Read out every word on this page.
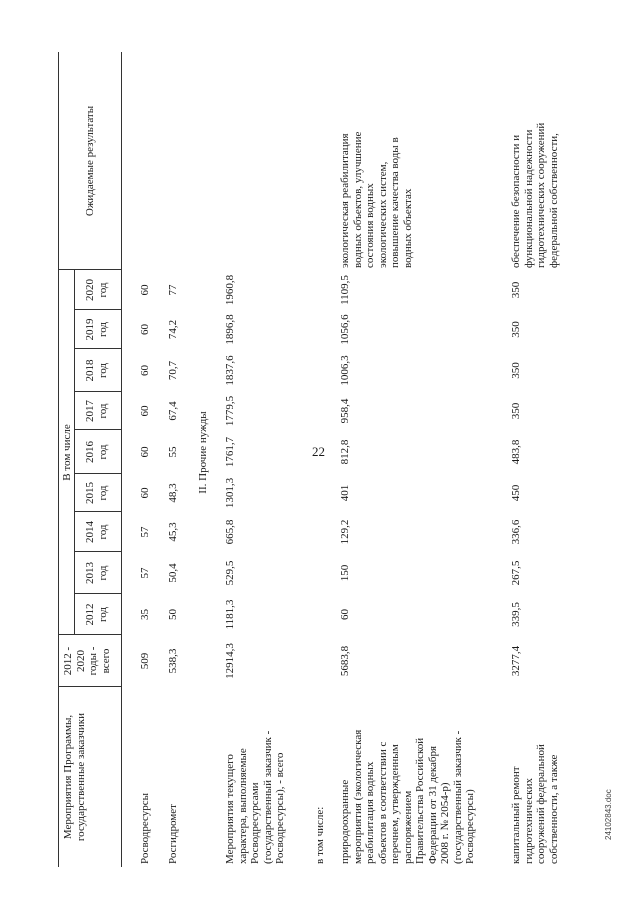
22
24102843.doc
Мероприятия Программы, государственные заказчики
2012 - 2020 годы - всего
В том числе
2012 год
2013 год
2014 год
2015 год
2016 год
2017 год
2018 год
2019 год
2020 год
Ожидаемые результаты
Росводресурсы
509
35
57
57
60
60
60
60
60
60
Росгидромет
538,3
50
50,4
45,3
48,3
55
67,4
70,7
74,2
77
II. Прочие нужды
Мероприятия текущего характера, выполняемые Росводресурсами (государственный заказчик - Росводресурсы), - всего
12914,3
1181,3
529,5
665,8
1301,3
1761,7
1779,5
1837,6
1896,8
1960,8
в том числе:
природоохранные мероприятия (экологическая реабилитация водных объектов в соответствии с перечнем, утвержденным распоряжением Правительства Российской Федерации от 31 декабря 2008 г. № 2054-р) (государственный заказчик - Росводресурсы)
5683,8
60
150
129,2
401
812,8
958,4
1006,3
1056,6
1109,5
экологическая реабилитация водных объектов, улучшение состояния водных экологических систем, повышение качества воды в водных объектах
капитальный ремонт гидротехнических сооружений федеральной собственности, а также
3277,4
339,5
267,5
336,6
450
483,8
350
350
350
350
обеспечение безопасности и функциональной надежности гидротехнических сооружений федеральной собственности,
